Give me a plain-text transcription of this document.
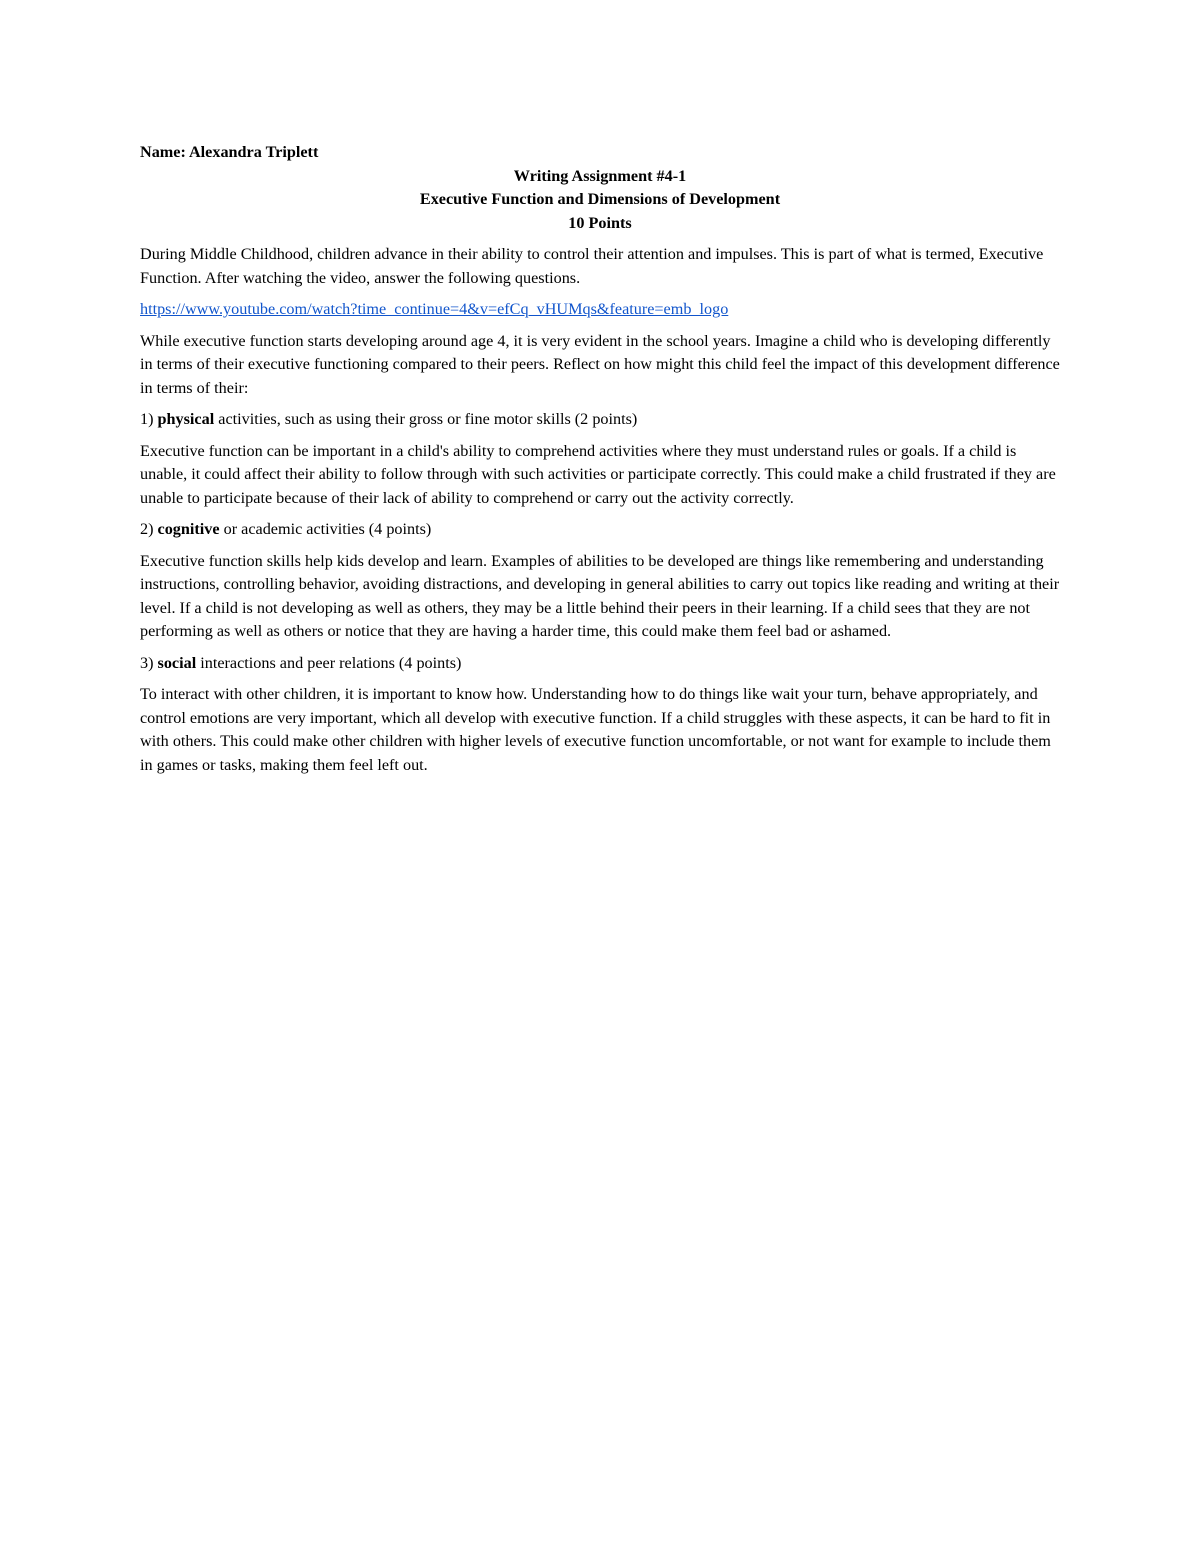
Name: Alexandra Triplett
Writing Assignment #4-1
Executive Function and Dimensions of Development
10 Points

During Middle Childhood, children advance in their ability to control their attention and impulses. This is part of what is termed, Executive Function. After watching the video, answer the following questions.

https://www.youtube.com/watch?time_continue=4&v=efCq_vHUMqs&feature=emb_logo

While executive function starts developing around age 4, it is very evident in the school years. Imagine a child who is developing differently in terms of their executive functioning compared to their peers. Reflect on how might this child feel the impact of this development difference in terms of their:

1) physical activities, such as using their gross or fine motor skills (2 points)

Executive function can be important in a child's ability to comprehend activities where they must understand rules or goals. If a child is unable, it could affect their ability to follow through with such activities or participate correctly. This could make a child frustrated if they are unable to participate because of their lack of ability to comprehend or carry out the activity correctly.

2) cognitive or academic activities (4 points)

Executive function skills help kids develop and learn. Examples of abilities to be developed are things like remembering and understanding instructions, controlling behavior, avoiding distractions, and developing in general abilities to carry out topics like reading and writing at their level. If a child is not developing as well as others, they may be a little behind their peers in their learning. If a child sees that they are not performing as well as others or notice that they are having a harder time, this could make them feel bad or ashamed.

3) social interactions and peer relations (4 points)

To interact with other children, it is important to know how. Understanding how to do things like wait your turn, behave appropriately, and control emotions are very important, which all develop with executive function. If a child struggles with these aspects, it can be hard to fit in with others. This could make other children with higher levels of executive function uncomfortable, or not want for example to include them in games or tasks, making them feel left out.
